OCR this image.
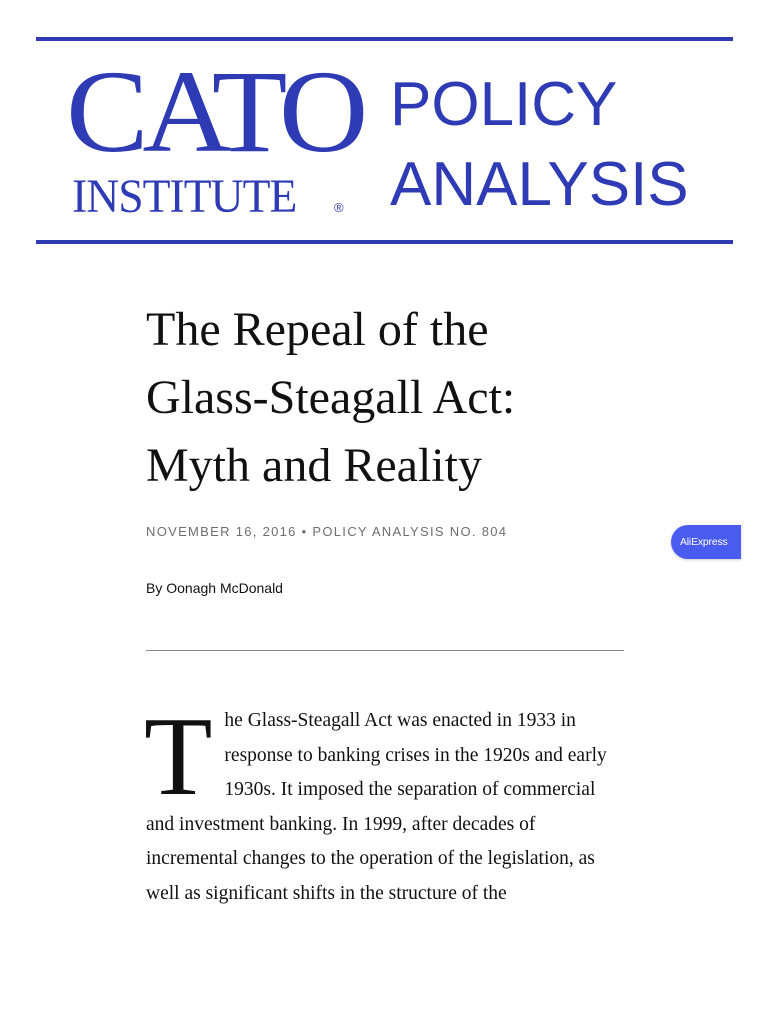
CATO
INSTITUTE	®
POLICY
ANALYSIS
The Repeal of the
Glass-Steagall Act:
Myth and Reality
NOVEMBER 16, 2016 • POLICY ANALYSIS NO. 804
By Oonagh McDonald
T he Glass-Steagall Act was enacted in 1933 in response to banking crises in the 1920s and early 1930s. It imposed the separation of commercial and investment banking. In 1999, after decades of incremental changes to the operation of the legislation, as well as significant shifts in the structure of the

AliExpress
